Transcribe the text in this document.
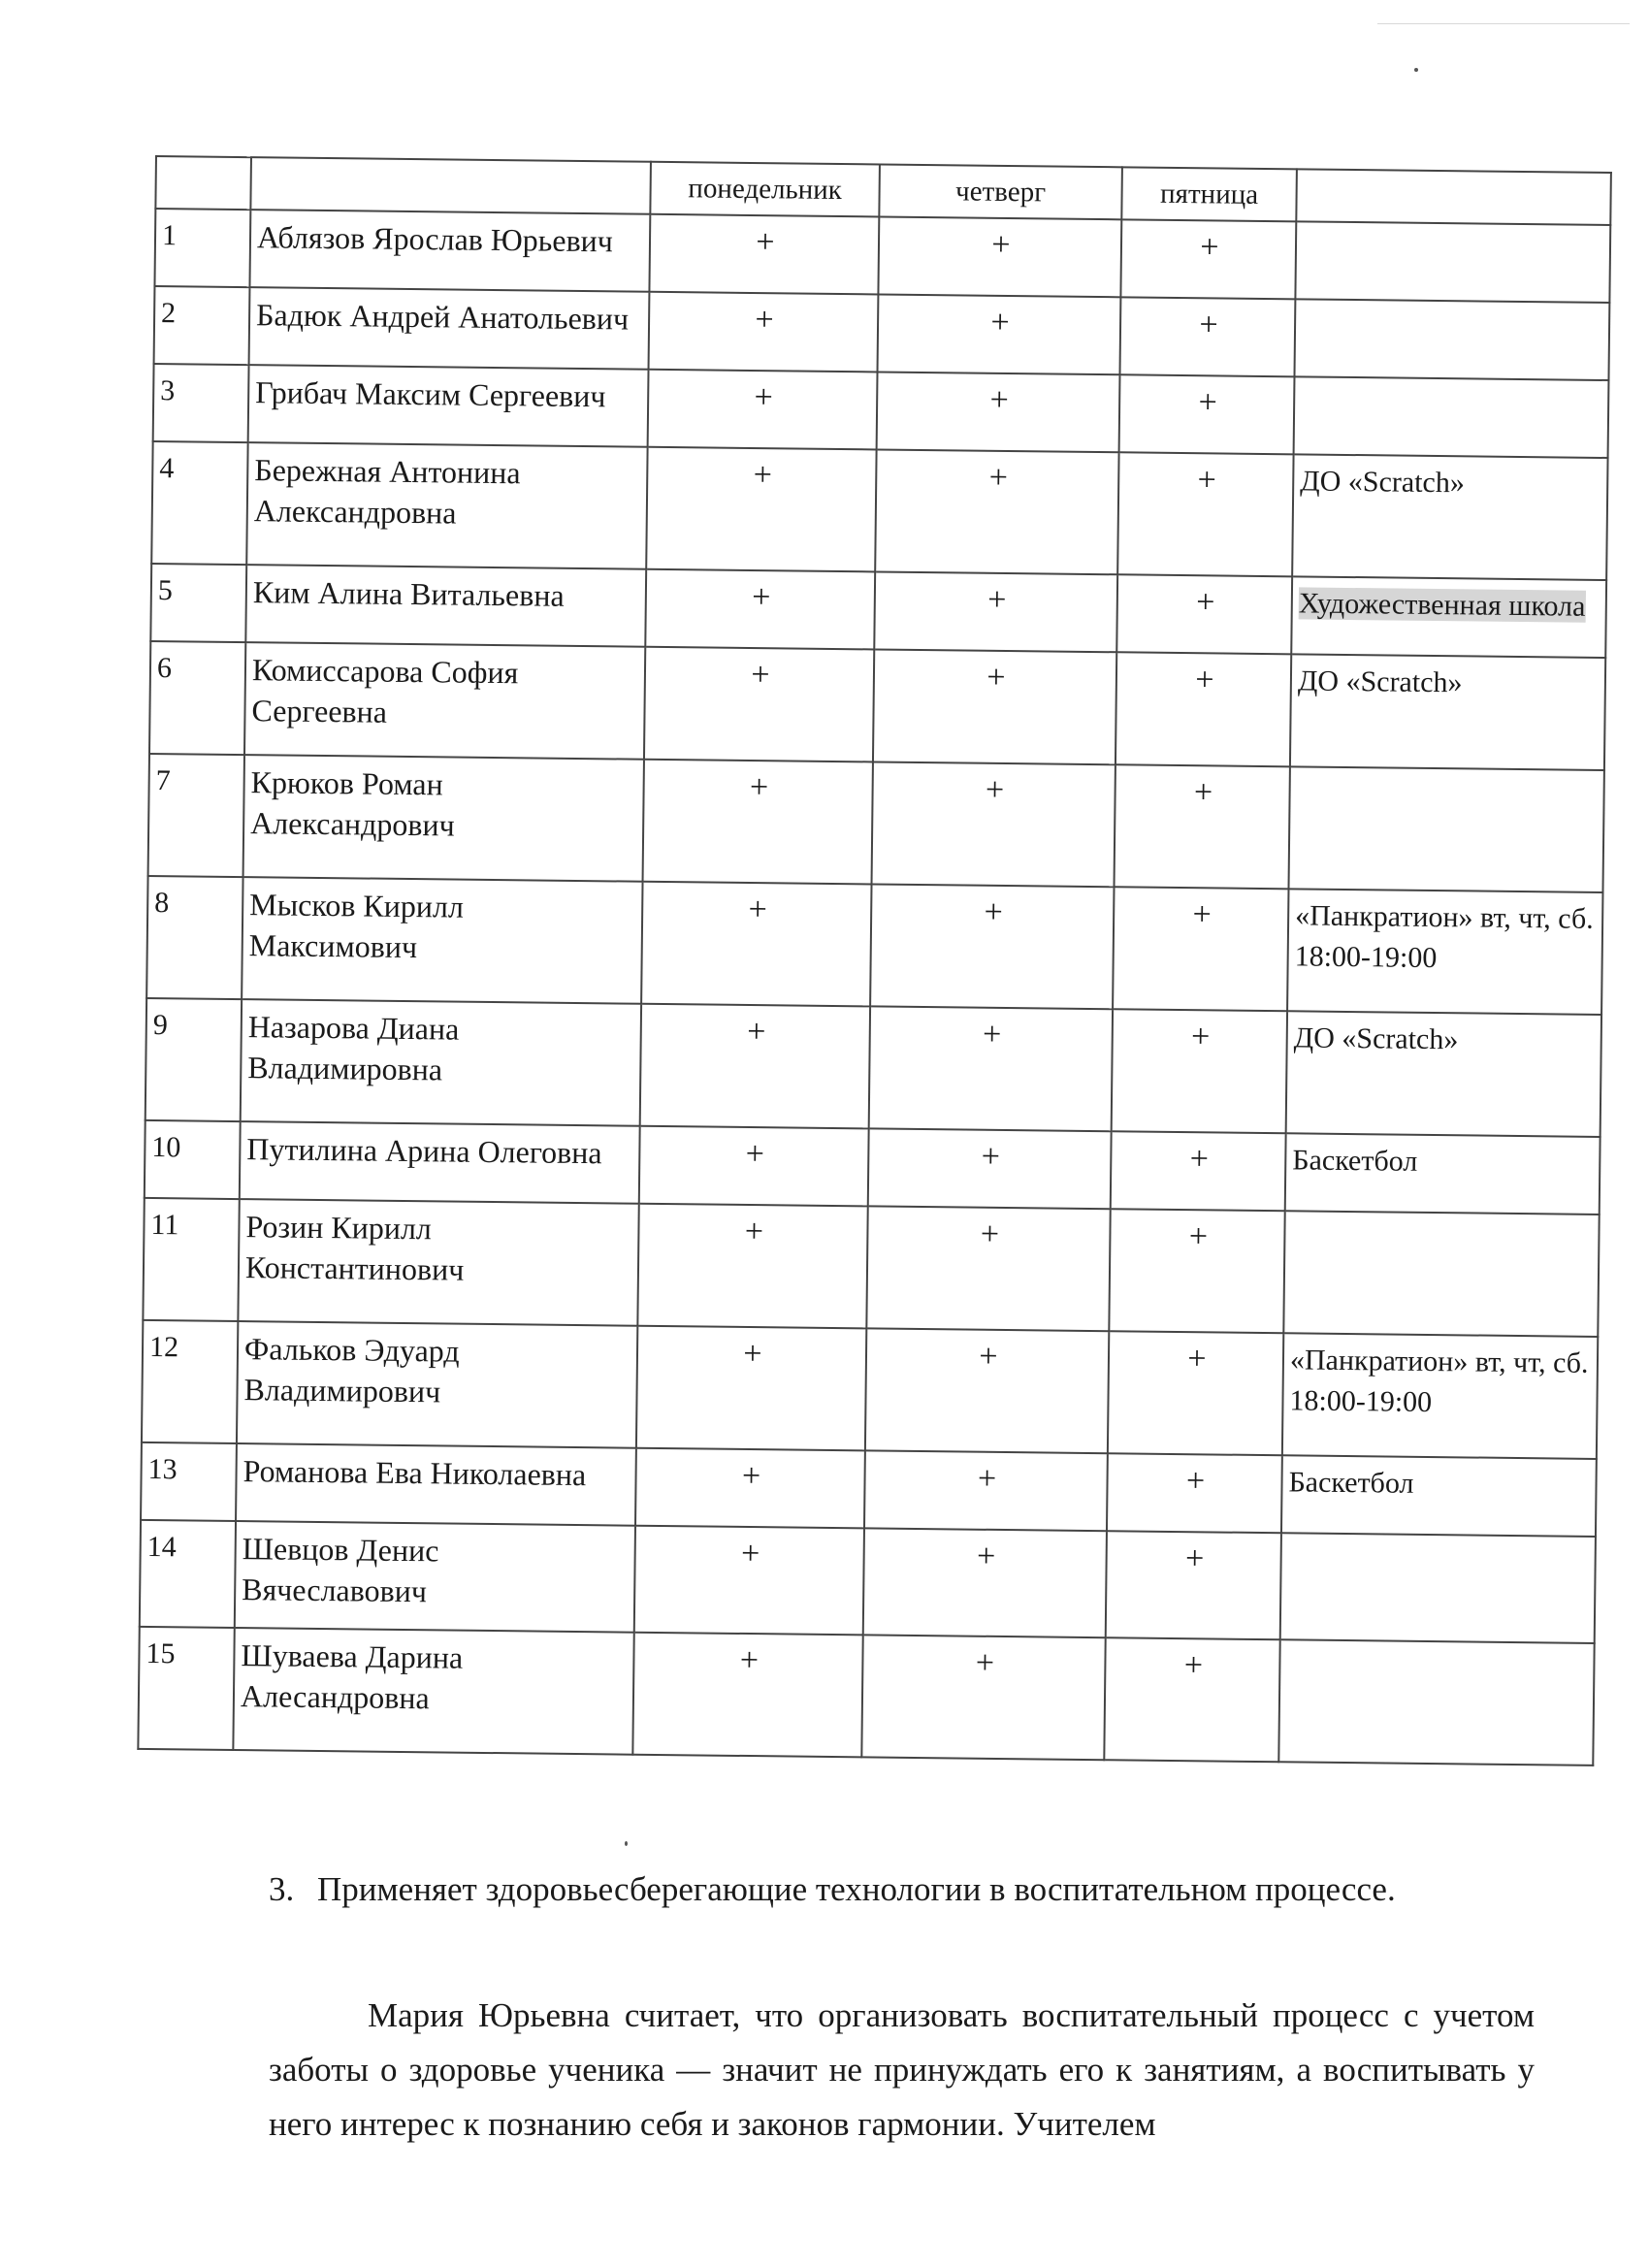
		понедельник	четверг	пятница	
1	Аблязов Ярослав Юрьевич	+	+	+	
2	Бадюк Андрей Анатольевич	+	+	+	
3	Грибач Максим Сергеевич	+	+	+	
4	Бережная Антонина Александровна	+	+	+	ДО «Scratch»
5	Ким Алина Витальевна	+	+	+	Художественная школа
6	Комиссарова София Сергеевна	+	+	+	ДО «Scratch»
7	Крюков Роман Александрович	+	+	+	
8	Мысков Кирилл Максимович	+	+	+	«Панкратион» вт, чт, сб. 18:00-19:00
9	Назарова Диана Владимировна	+	+	+	ДО «Scratch»
10	Путилина Арина Олеговна	+	+	+	Баскетбол
11	Розин Кирилл Константинович	+	+	+	
12	Фальков Эдуард Владимирович	+	+	+	«Панкратион» вт, чт, сб. 18:00-19:00
13	Романова Ева Николаевна	+	+	+	Баскетбол
14	Шевцов Денис Вячеславович	+	+	+	
15	Шуваева Дарина Алесандровна	+	+	+	
3. Применяет здоровьесберегающие технологии в воспитательном процессе.
Мария Юрьевна считает, что организовать воспитательный процесс с учетом заботы о здоровье ученика — значит не принуждать его к занятиям, а воспитывать у него интерес к познанию себя и законов гармонии. Учителем
